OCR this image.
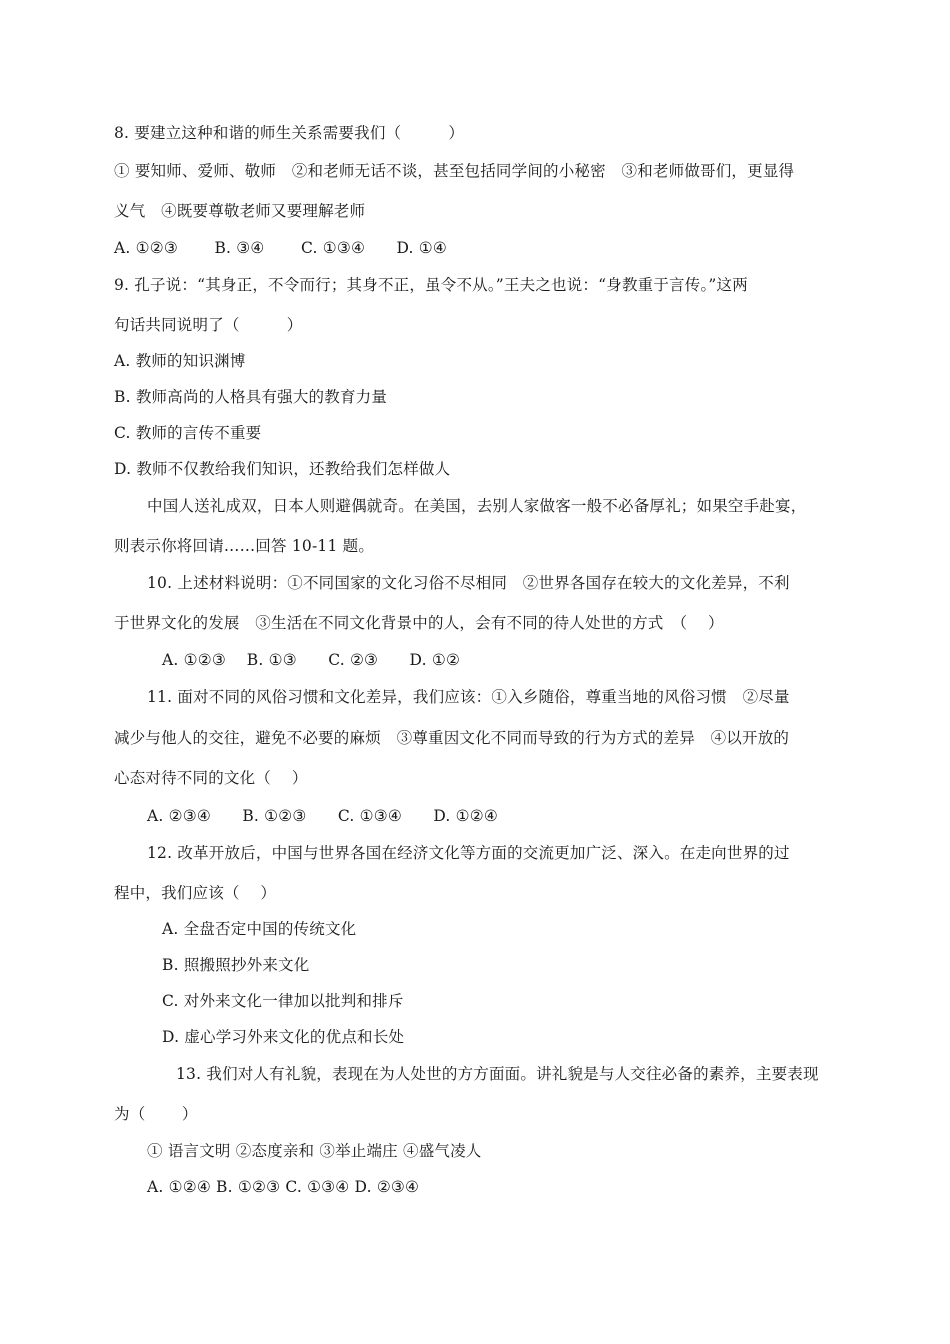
8. 要建立这种和谐的师生关系需要我们（　　　）
① 要知师、爱师、敬师　②和老师无话不谈，甚至包括同学间的小秘密　③和老师做哥们，更显得
义气　④既要尊敬老师又要理解老师
A. ①②③　　 B. ③④　　 C. ①③④　　D. ①④
9. 孔子说：“其身正，不令而行；其身不正，虽令不从。”王夫之也说：“身教重于言传。”这两
句话共同说明了（　　　）
A. 教师的知识渊博
B. 教师高尚的人格具有强大的教育力量
C. 教师的言传不重要
D. 教师不仅教给我们知识，还教给我们怎样做人
中国人送礼成双，日本人则避偶就奇。在美国，去别人家做客一般不必备厚礼；如果空手赴宴，
则表示你将回请……回答 10-11 题。
10. 上述材料说明：①不同国家的文化习俗不尽相同　②世界各国存在较大的文化差异，不利
于世界文化的发展　③生活在不同文化背景中的人，会有不同的待人处世的方式　（　 ）
A. ①②③　 B. ①③　　C. ②③　　D. ①②
11. 面对不同的风俗习惯和文化差异，我们应该：①入乡随俗，尊重当地的风俗习惯　②尽量
减少与他人的交往，避免不必要的麻烦　③尊重因文化不同而导致的行为方式的差异　④以开放的
心态对待不同的文化（　 ）
A. ②③④　　B. ①②③　　C. ①③④　　D. ①②④
12. 改革开放后，中国与世界各国在经济文化等方面的交流更加广泛、深入。在走向世界的过
程中，我们应该（　 ）
A. 全盘否定中国的传统文化
B. 照搬照抄外来文化
C. 对外来文化一律加以批判和排斥
D. 虚心学习外来文化的优点和长处
13. 我们对人有礼貌，表现在为人处世的方方面面。讲礼貌是与人交往必备的素养，主要表现
为（　　 ）
① 语言文明 ②态度亲和 ③举止端庄 ④盛气凌人
A. ①②④ B. ①②③ C. ①③④ D. ②③④
